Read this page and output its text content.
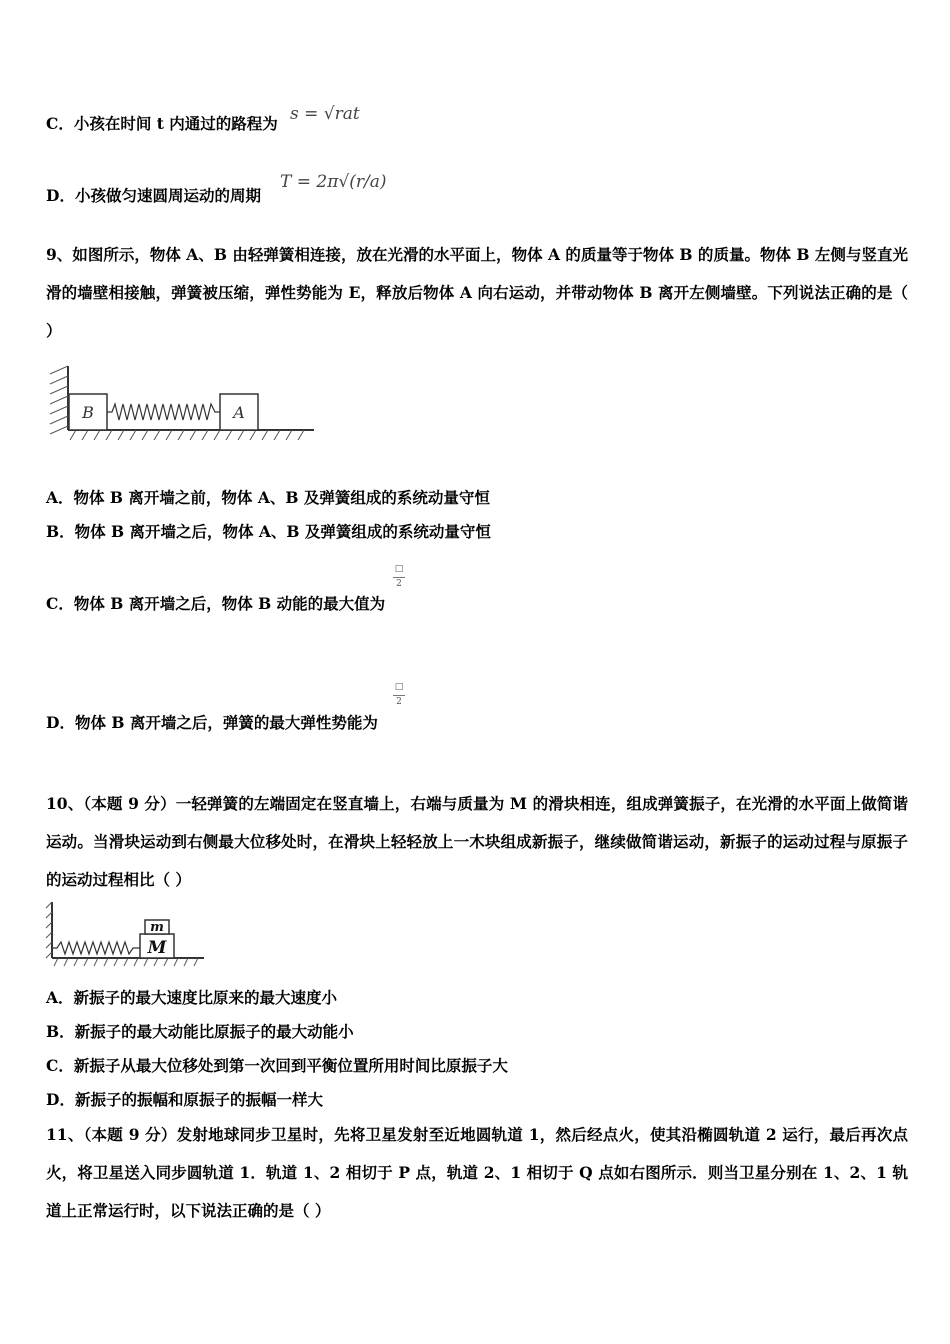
C．小孩在时间 t 内通过的路程为 s = √rat
D．小孩做匀速圆周运动的周期
T = 2π√(r/a)
9、如图所示，物体 A、B 由轻弹簧相连接，放在光滑的水平面上，物体 A 的质量等于物体 B 的质量。物体 B 左侧与竖直光滑的墙壁相接触，弹簧被压缩，弹性势能为 E，释放后物体 A 向右运动，并带动物体 B 离开左侧墙壁。下列说法正确的是（ ）
B	A
A．物体 B 离开墙之前，物体 A、B 及弹簧组成的系统动量守恒
B．物体 B 离开墙之后，物体 A、B 及弹簧组成的系统动量守恒
C．物体 B 离开墙之后，物体 B 动能的最大值为
□
2
D．物体 B 离开墙之后，弹簧的最大弹性势能为
□
2
10、（本题 9 分）一轻弹簧的左端固定在竖直墙上，右端与质量为 M 的滑块相连，组成弹簧振子，在光滑的水平面上做简谐运动。当滑块运动到右侧最大位移处时，在滑块上轻轻放上一木块组成新振子，继续做简谐运动，新振子的运动过程与原振子的运动过程相比（ ）
M
m
A．新振子的最大速度比原来的最大速度小
B．新振子的最大动能比原振子的最大动能小
C．新振子从最大位移处到第一次回到平衡位置所用时间比原振子大
D．新振子的振幅和原振子的振幅一样大
11、（本题 9 分）发射地球同步卫星时，先将卫星发射至近地圆轨道 1，然后经点火，使其沿椭圆轨道 2 运行，最后再次点火，将卫星送入同步圆轨道 1．轨道 1、2 相切于 P 点，轨道 2、1 相切于 Q 点如右图所示．则当卫星分别在 1、2、1 轨道上正常运行时，以下说法正确的是（ ）
